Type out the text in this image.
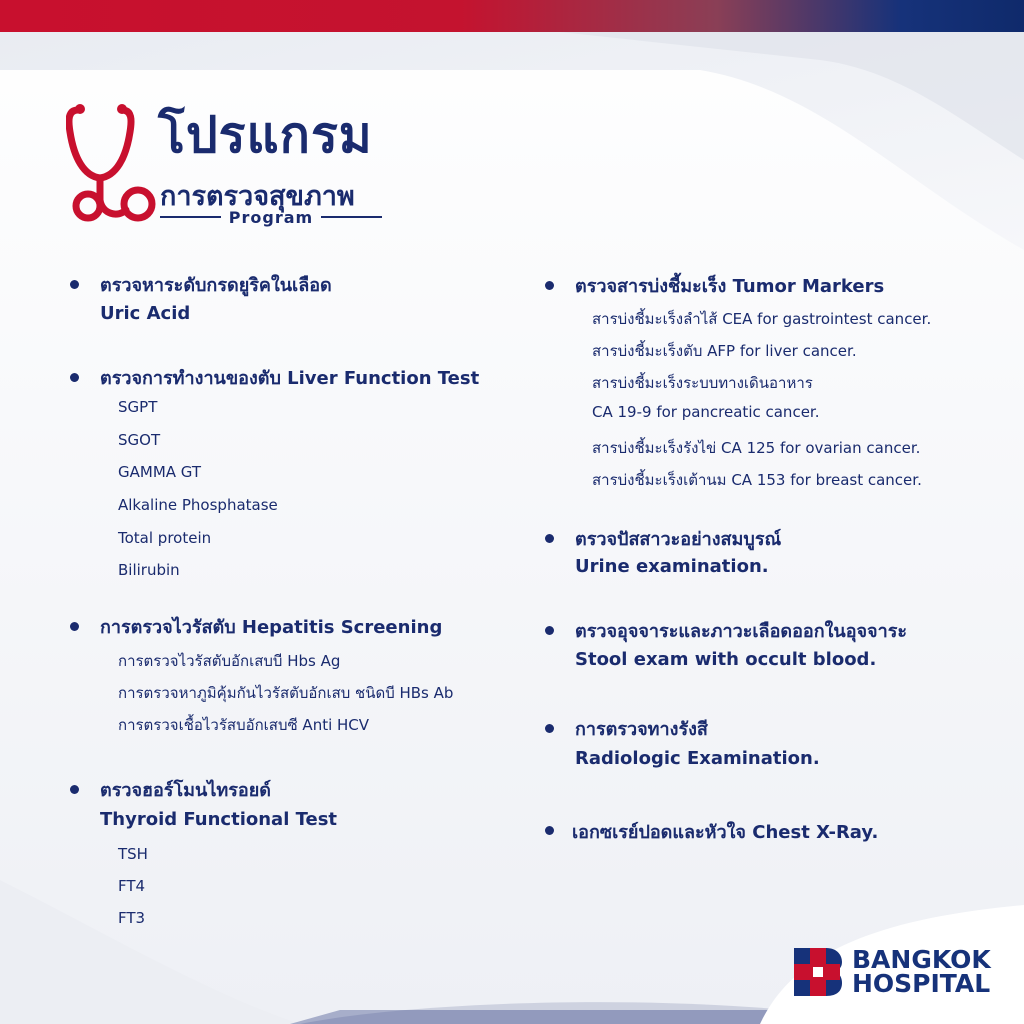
โปรแกรม
การตรวจสุขภาพ
Program
ตรวจหาระดับกรดยูริคในเลือด
Uric Acid
ตรวจการทำงานของตับ Liver Function Test
SGPT
SGOT
GAMMA GT
Alkaline Phosphatase
Total protein
Bilirubin
การตรวจไวรัสตับ Hepatitis Screening
การตรวจไวรัสตับอักเสบบี Hbs Ag
การตรวจหาภูมิคุ้มกันไวรัสตับอักเสบ ชนิดบี HBs Ab
การตรวจเชื้อไวรัสบอักเสบซี Anti HCV
ตรวจฮอร์โมนไทรอยด์
Thyroid Functional Test
TSH
FT4
FT3
ตรวจสารบ่งชี้มะเร็ง Tumor Markers
สารบ่งชี้มะเร็งลำไส้ CEA for gastrointest cancer.
สารบ่งชี้มะเร็งตับ AFP for liver cancer.
สารบ่งชี้มะเร็งระบบทางเดินอาหาร
CA 19-9 for pancreatic cancer.
สารบ่งชี้มะเร็งรังไข่ CA 125 for ovarian cancer.
สารบ่งชี้มะเร็งเต้านม CA 153 for breast cancer.
ตรวจปัสสาวะอย่างสมบูรณ์
Urine examination.
ตรวจอุจจาระและภาวะเลือดออกในอุจจาระ
Stool exam with occult blood.
การตรวจทางรังสี
Radiologic Examination.
เอกซเรย์ปอดและหัวใจ Chest X-Ray.
BANGKOK
HOSPITAL
